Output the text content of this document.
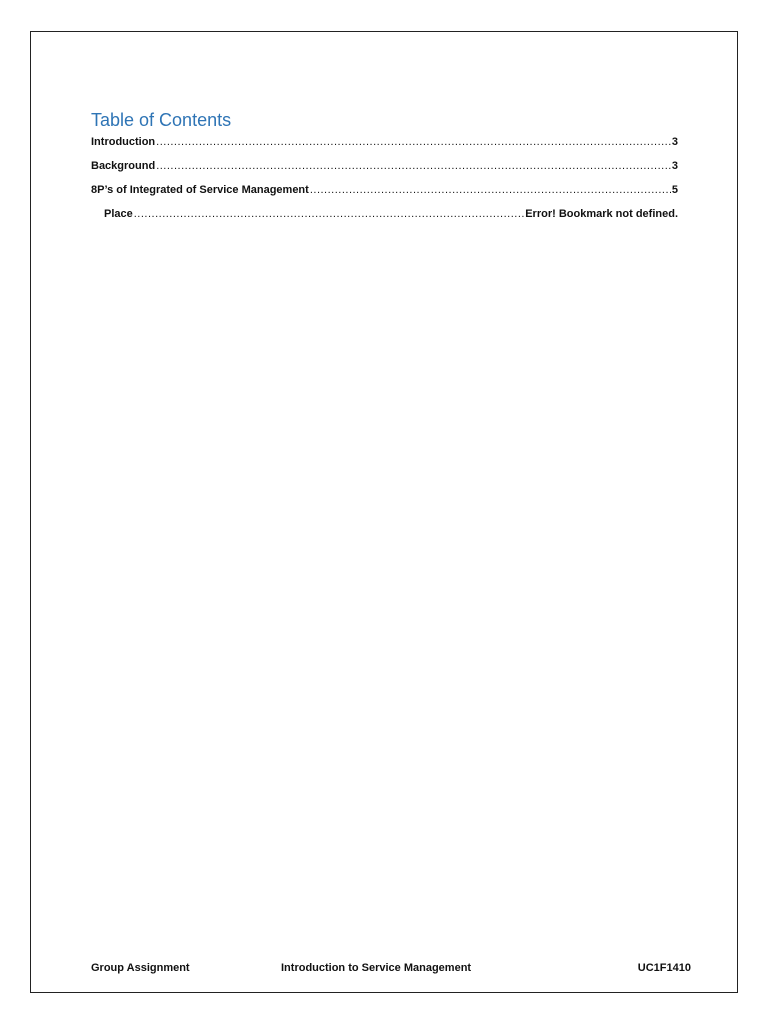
Table of Contents
Introduction .....	3
Background .....	3
8P’s of Integrated of Service Management .....	5
Place .....	Error! Bookmark not defined.
Group Assignment	Introduction to Service Management	UC1F1410
